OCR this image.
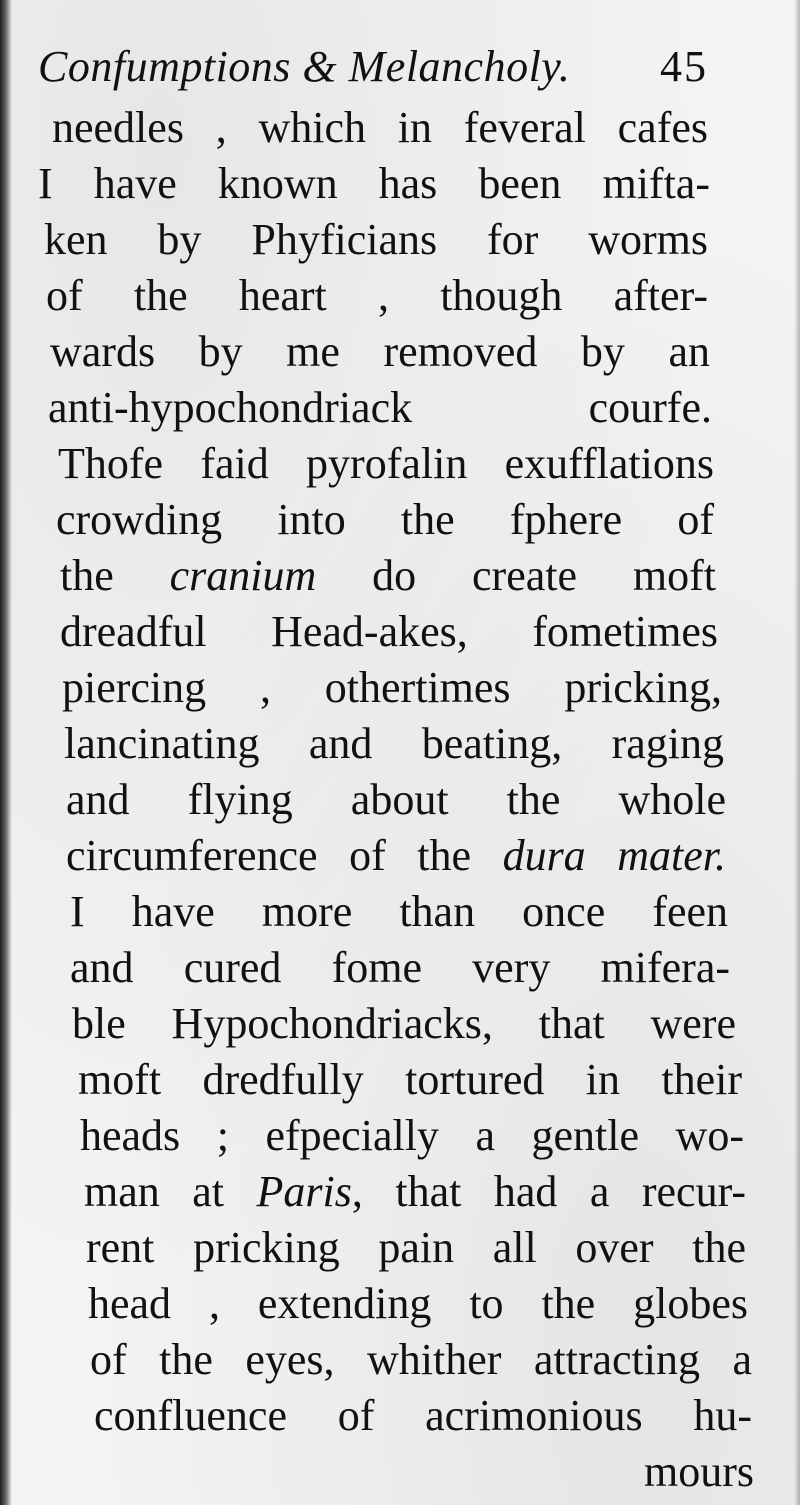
Confumptions & Melancholy. 45
needles , which in feveral cafes
I have known has been mifta-
ken by Phyficians for worms
of the heart , though after-
wards by me removed by an
anti-hypochondriack courfe.
Thofe faid pyrofalin exufflations
crowding into the fphere of
the cranium do create moft
dreadful Head-akes, fometimes
piercing , othertimes pricking,
lancinating and beating, raging
and flying about the whole
circumference of the dura mater.
I have more than once feen
and cured fome very mifera-
ble Hypochondriacks, that were
moft dredfully tortured in their
heads ; efpecially a gentle wo-
man at Paris, that had a recur-
rent pricking pain all over the
head , extending to the globes
of the eyes, whither attracting a
confluence of acrimonious hu-
mours
